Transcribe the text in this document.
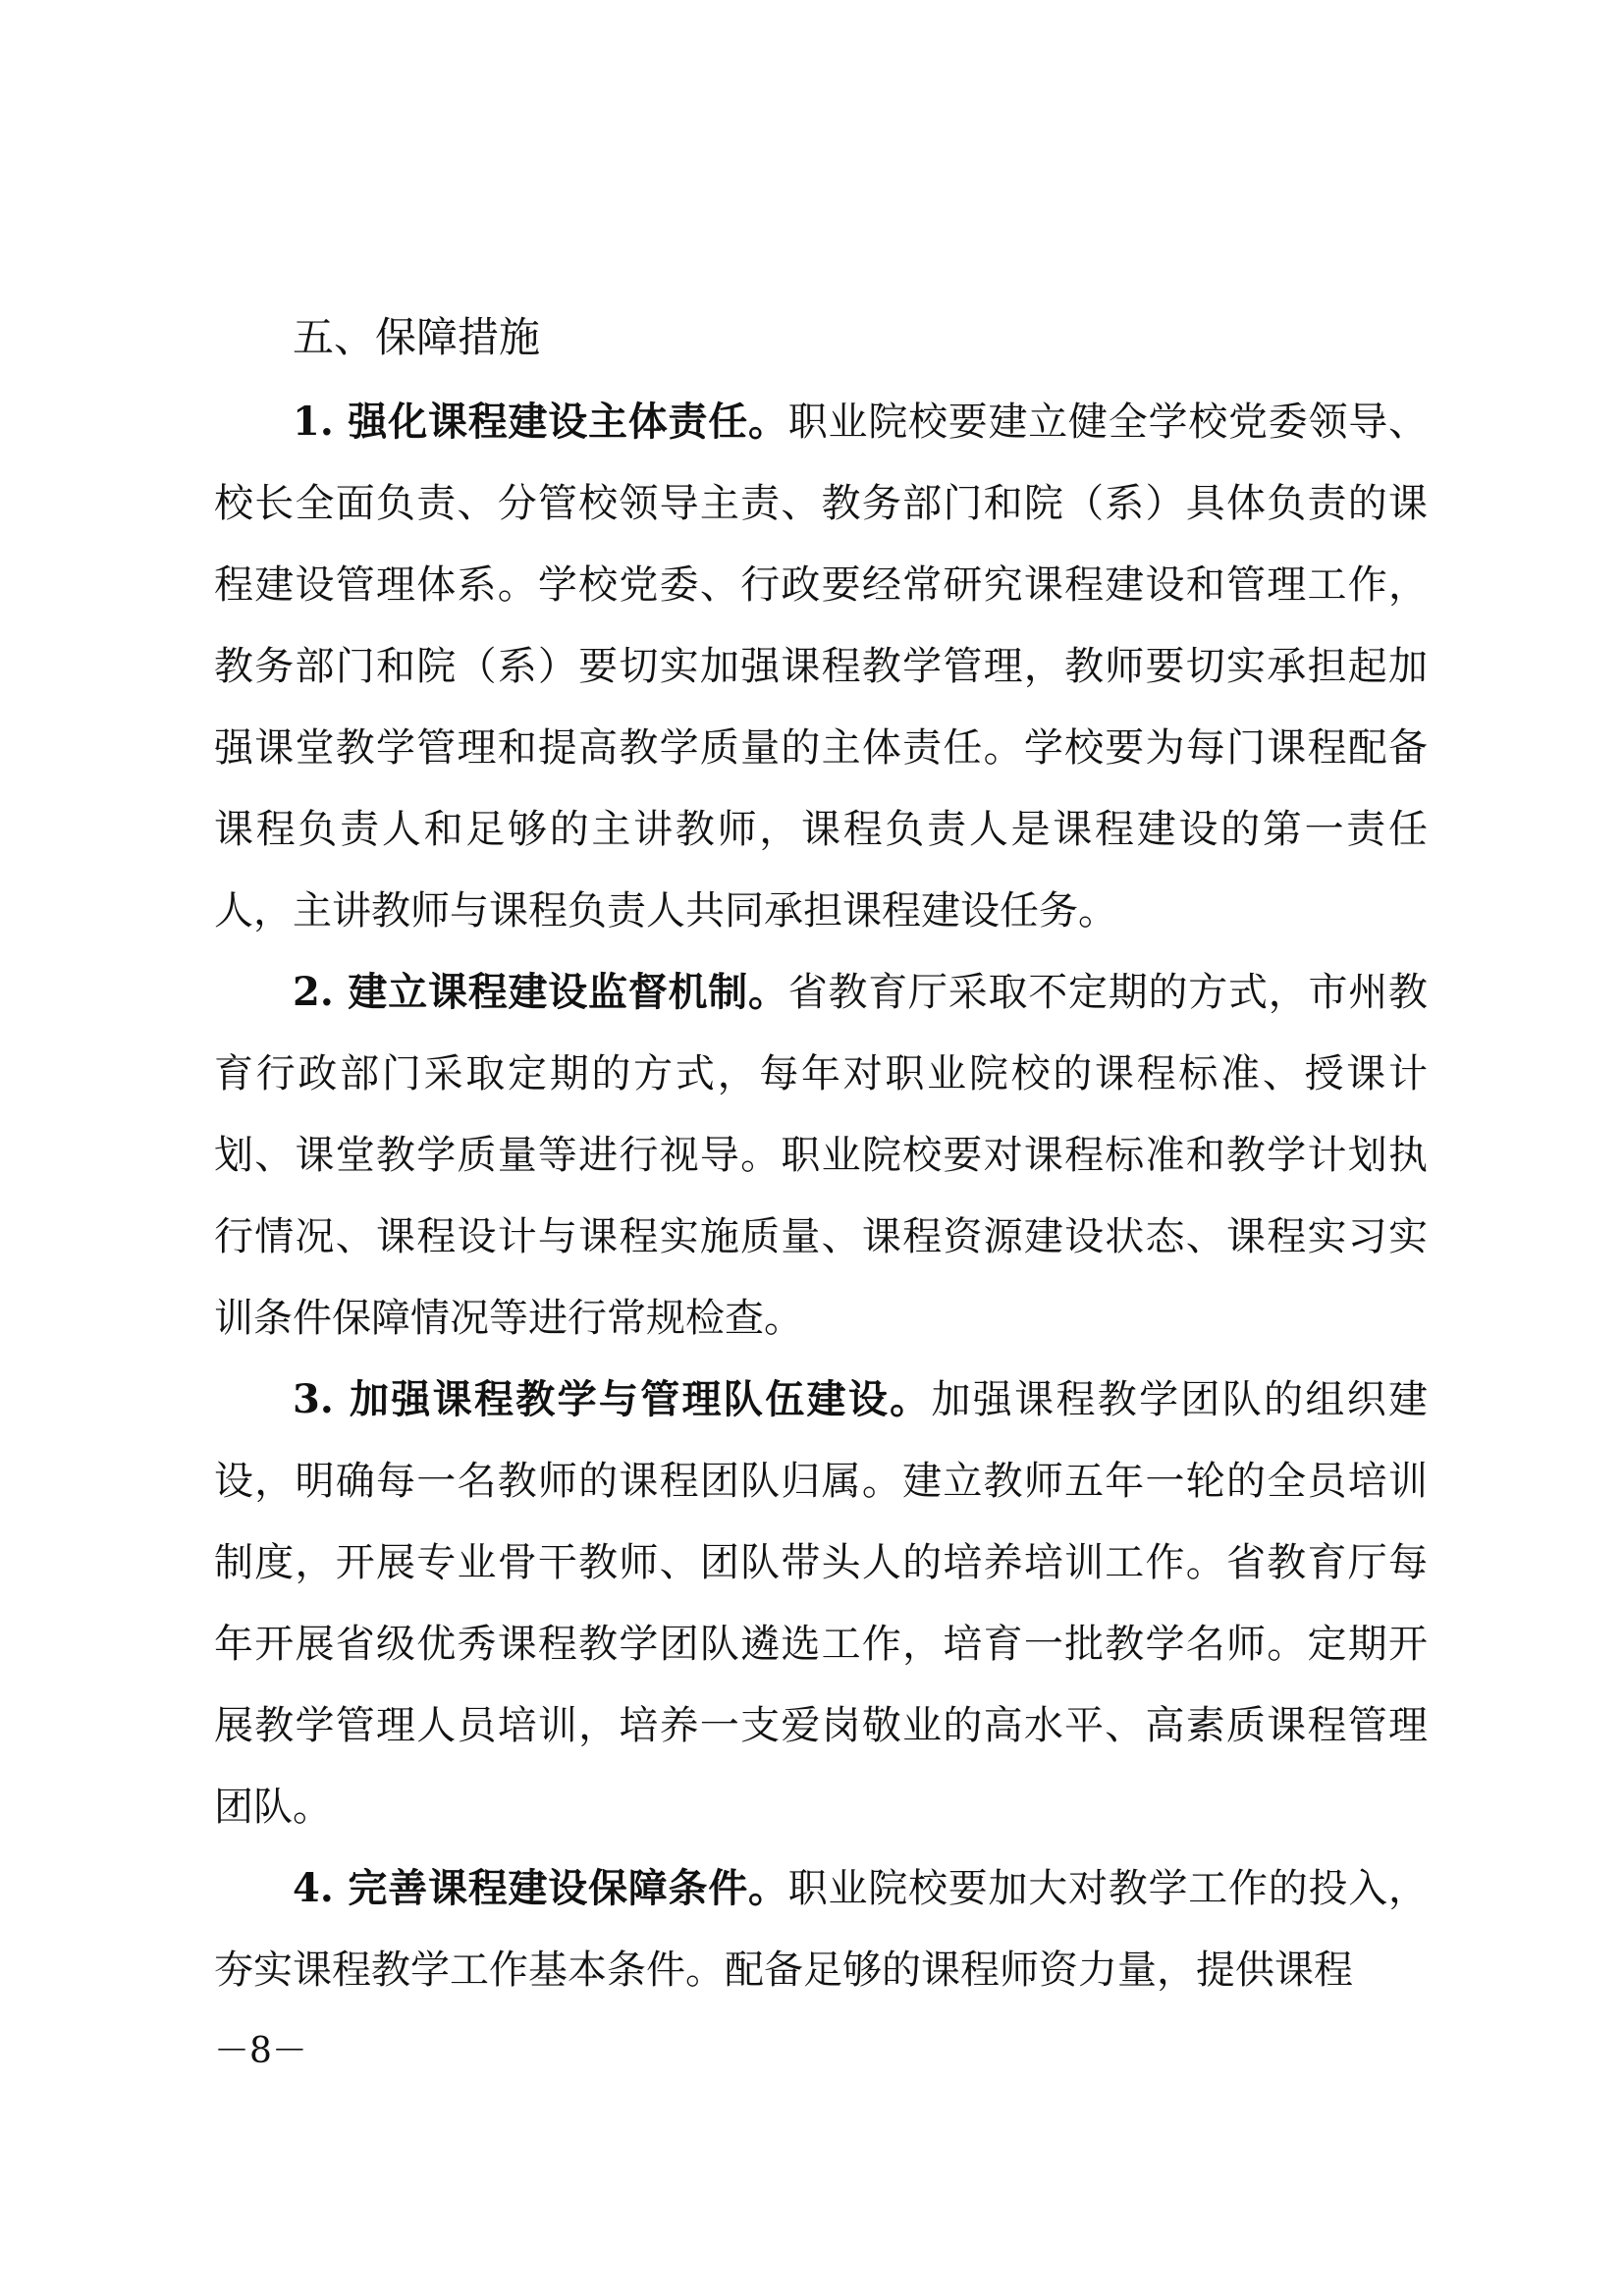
五、保障措施

1. 强化课程建设主体责任。职业院校要建立健全学校党委领导、校长全面负责、分管校领导主责、教务部门和院（系）具体负责的课程建设管理体系。学校党委、行政要经常研究课程建设和管理工作，教务部门和院（系）要切实加强课程教学管理，教师要切实承担起加强课堂教学管理和提高教学质量的主体责任。学校要为每门课程配备课程负责人和足够的主讲教师，课程负责人是课程建设的第一责任人，主讲教师与课程负责人共同承担课程建设任务。

2. 建立课程建设监督机制。省教育厅采取不定期的方式，市州教育行政部门采取定期的方式，每年对职业院校的课程标准、授课计划、课堂教学质量等进行视导。职业院校要对课程标准和教学计划执行情况、课程设计与课程实施质量、课程资源建设状态、课程实习实训条件保障情况等进行常规检查。

3. 加强课程教学与管理队伍建设。加强课程教学团队的组织建设，明确每一名教师的课程团队归属。建立教师五年一轮的全员培训制度，开展专业骨干教师、团队带头人的培养培训工作。省教育厅每年开展省级优秀课程教学团队遴选工作，培育一批教学名师。定期开展教学管理人员培训，培养一支爱岗敬业的高水平、高素质课程管理团队。

4. 完善课程建设保障条件。职业院校要加大对教学工作的投入，夯实课程教学工作基本条件。配备足够的课程师资力量，提供课程

－8－
